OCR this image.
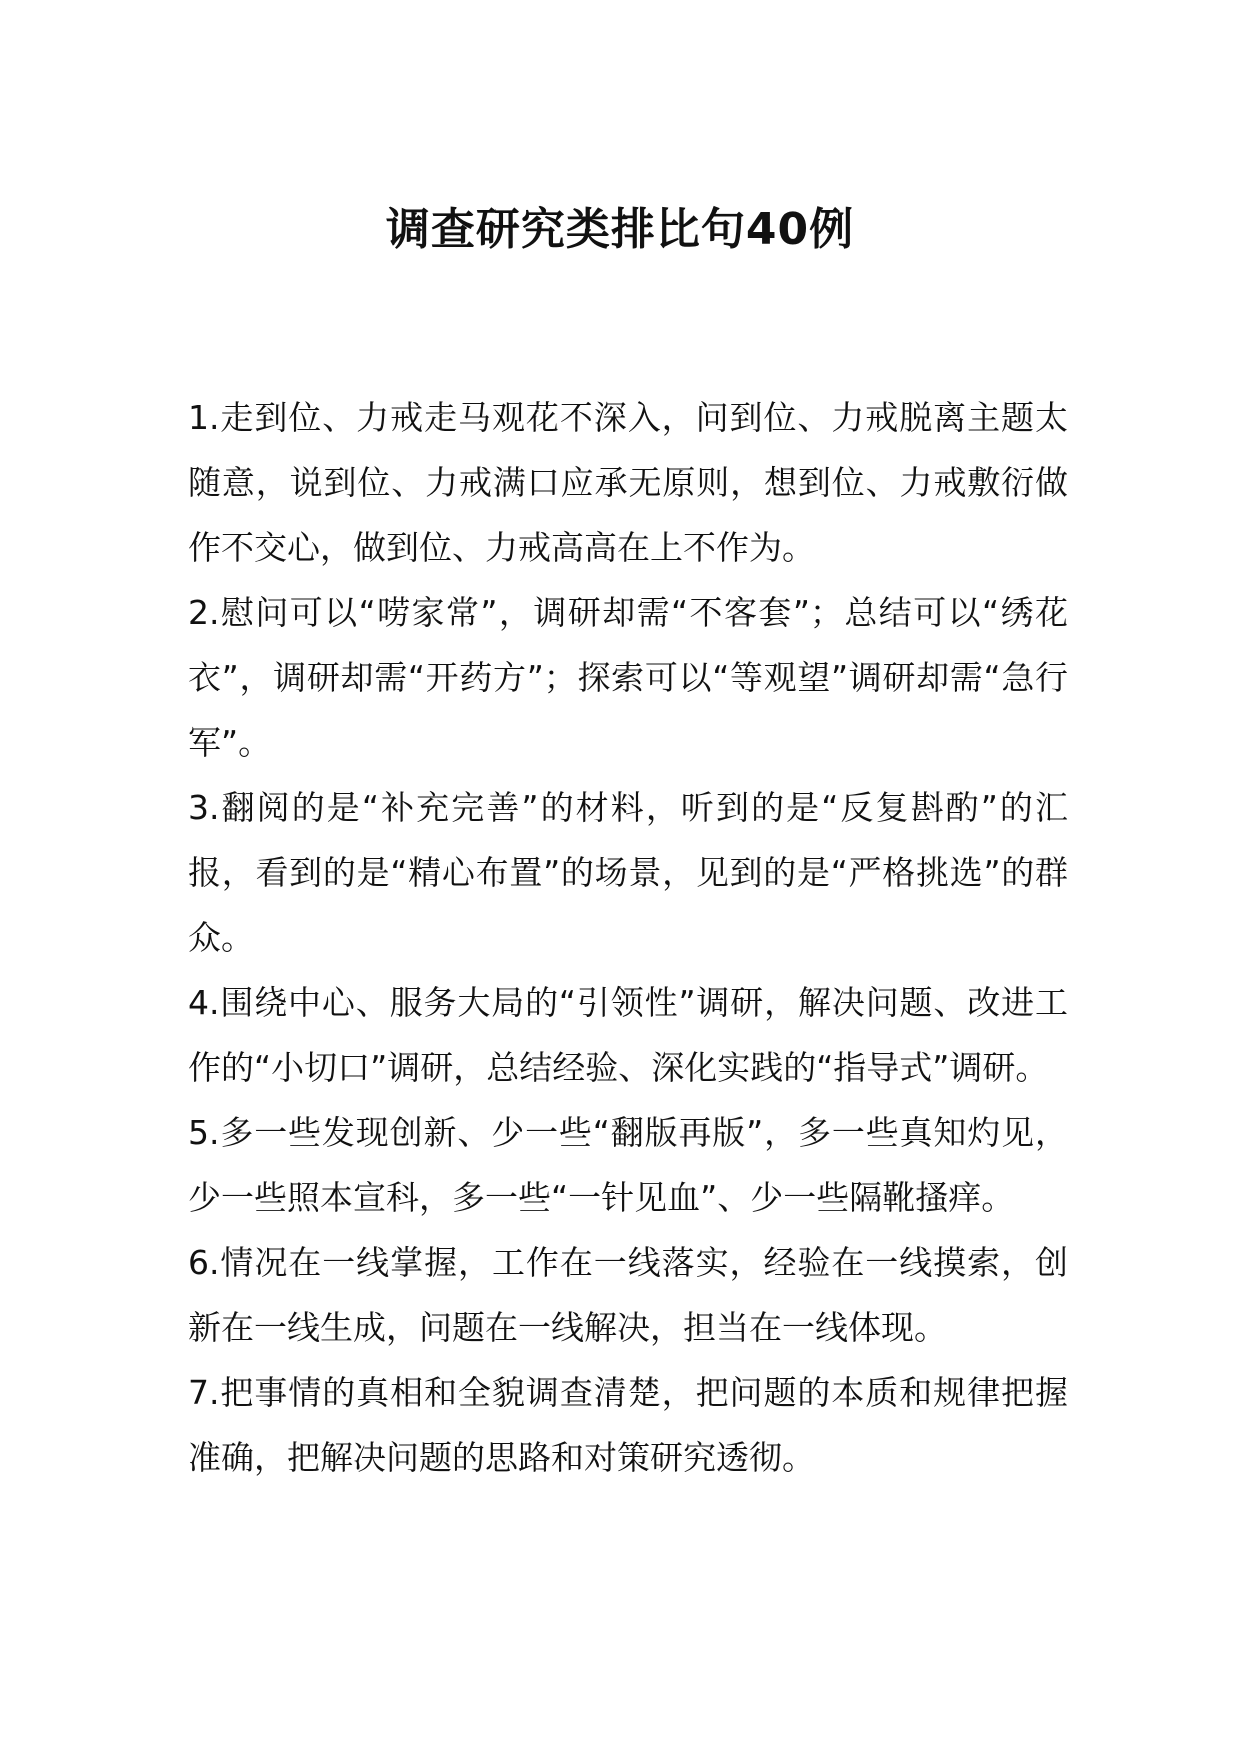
调查研究类排比句40例

1.走到位、力戒走马观花不深入，问到位、力戒脱离主题太随意，说到位、力戒满口应承无原则，想到位、力戒敷衍做作不交心，做到位、力戒高高在上不作为。

2.慰问可以“唠家常”，调研却需“不客套”；总结可以“绣花衣”，调研却需“开药方”；探索可以“等观望”调研却需“急行军”。

3.翻阅的是“补充完善”的材料，听到的是“反复斟酌”的汇报，看到的是“精心布置”的场景，见到的是“严格挑选”的群众。

4.围绕中心、服务大局的“引领性”调研，解决问题、改进工作的“小切口”调研，总结经验、深化实践的“指导式”调研。

5.多一些发现创新、少一些“翻版再版”，多一些真知灼见，少一些照本宣科，多一些“一针见血”、少一些隔靴搔痒。

6.情况在一线掌握，工作在一线落实，经验在一线摸索，创新在一线生成，问题在一线解决，担当在一线体现。

7.把事情的真相和全貌调查清楚，把问题的本质和规律把握准确，把解决问题的思路和对策研究透彻。
